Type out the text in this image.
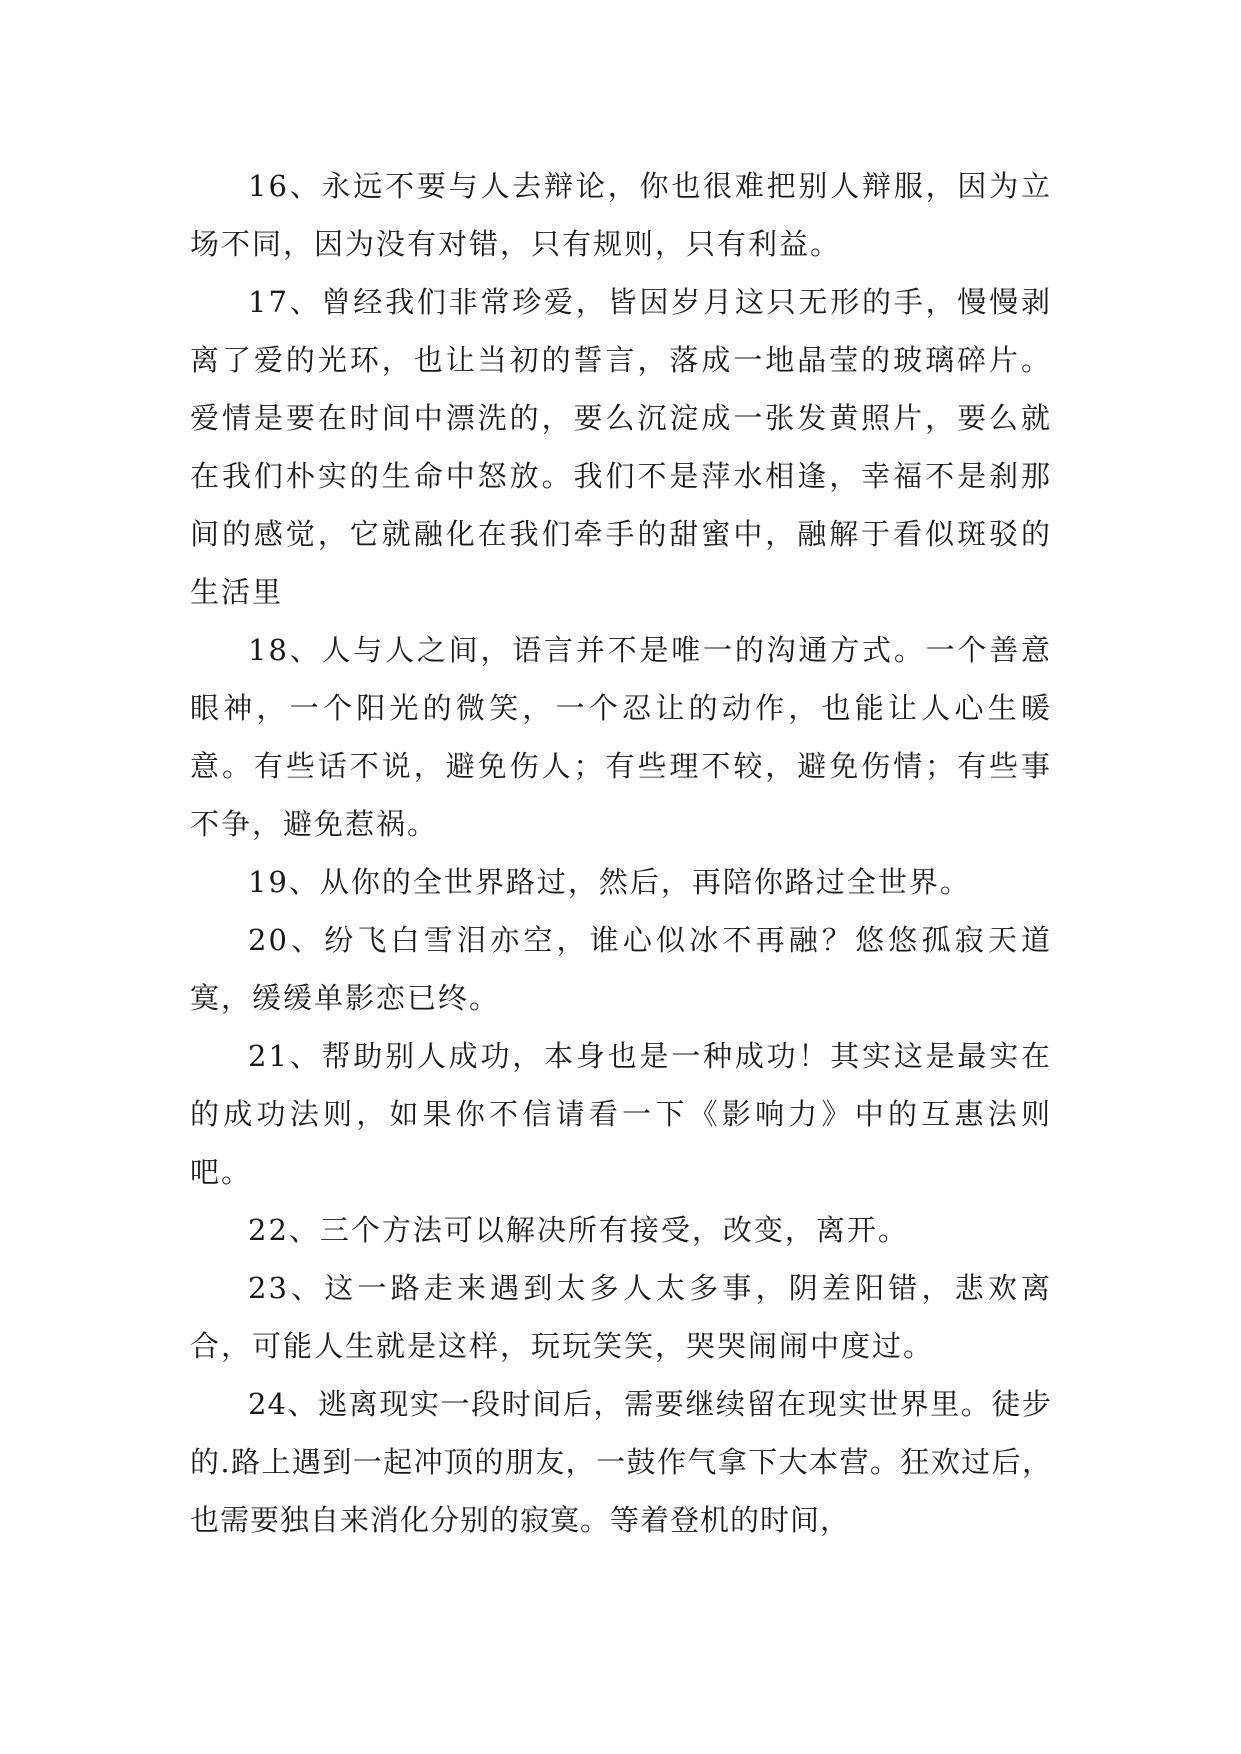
16、永远不要与人去辩论，你也很难把别人辩服，因为立场不同，因为没有对错，只有规则，只有利益。

17、曾经我们非常珍爱，皆因岁月这只无形的手，慢慢剥离了爱的光环，也让当初的誓言，落成一地晶莹的玻璃碎片。爱情是要在时间中漂洗的，要么沉淀成一张发黄照片，要么就在我们朴实的生命中怒放。我们不是萍水相逢，幸福不是刹那间的感觉，它就融化在我们牵手的甜蜜中，融解于看似斑驳的生活里

18、人与人之间，语言并不是唯一的沟通方式。一个善意眼神，一个阳光的微笑，一个忍让的动作，也能让人心生暖意。有些话不说，避免伤人；有些理不较，避免伤情；有些事不争，避免惹祸。

19、从你的全世界路过，然后，再陪你路过全世界。

20、纷飞白雪泪亦空，谁心似冰不再融？悠悠孤寂天道寞，缓缓单影恋已终。

21、帮助别人成功，本身也是一种成功！其实这是最实在的成功法则，如果你不信请看一下《影响力》中的互惠法则吧。

22、三个方法可以解决所有接受，改变，离开。

23、这一路走来遇到太多人太多事，阴差阳错，悲欢离合，可能人生就是这样，玩玩笑笑，哭哭闹闹中度过。

24、逃离现实一段时间后，需要继续留在现实世界里。徒步的.路上遇到一起冲顶的朋友，一鼓作气拿下大本营。狂欢过后，也需要独自来消化分别的寂寞。等着登机的时间，
